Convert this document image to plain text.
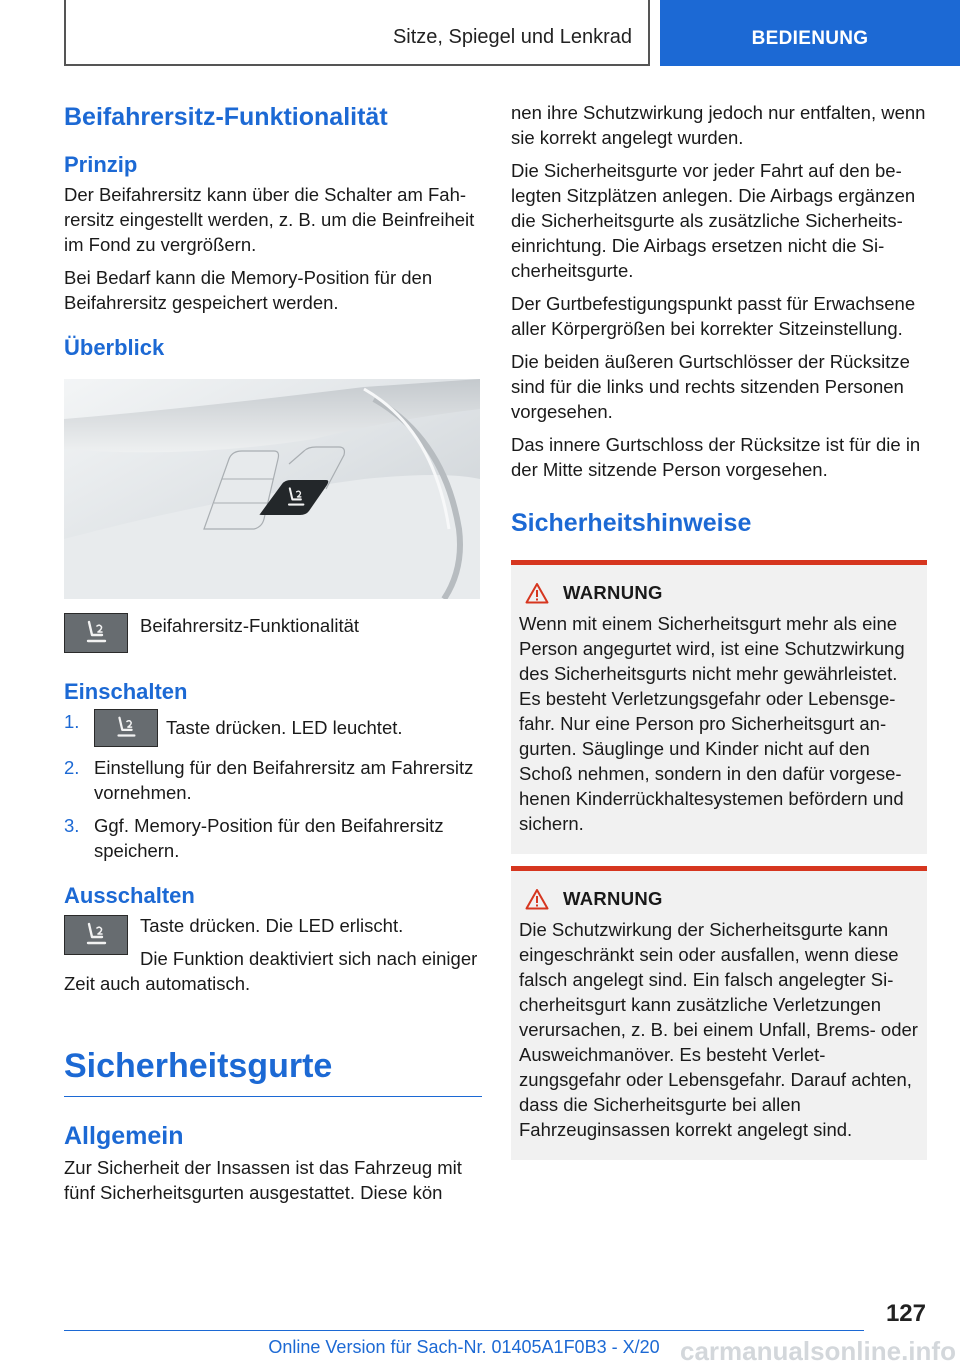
Sitze, Spiegel und Lenkrad	BEDIENUNG
Beifahrersitz-Funktionalität
Prinzip

Der Beifahrersitz kann über die Schalter am Fahrersitz eingestellt werden, z. B. um die Beinfreiheit im Fond zu vergrößern.

Bei Bedarf kann die Memory-Position für den Beifahrersitz gespeichert werden.

Überblick
Beifahrersitz-Funktionalität
Einschalten
1.	Taste drücken. LED leuchtet.
2. Einstellung für den Beifahrersitz am Fahrersitz vornehmen.
3. Ggf. Memory-Position für den Beifahrersitz speichern.
Ausschalten

Taste drücken. Die LED erlischt.

Die Funktion deaktiviert sich nach einiger Zeit auch automatisch.

Sicherheitsgurte
Allgemein

Zur Sicherheit der Insassen ist das Fahrzeug mit fünf Sicherheitsgurten ausgestattet. Diese kön

nen ihre Schutzwirkung jedoch nur entfalten, wenn sie korrekt angelegt wurden.

Die Sicherheitsgurte vor jeder Fahrt auf den belegten Sitzplätzen anlegen. Die Airbags ergänzen die Sicherheitsgurte als zusätzliche Sicherheitseinrichtung. Die Airbags ersetzen nicht die Sicherheitsgurte.

Der Gurtbefestigungspunkt passt für Erwachsene aller Körpergrößen bei korrekter Sitzeinstellung.

Die beiden äußeren Gurtschlösser der Rücksitze sind für die links und rechts sitzenden Personen vorgesehen.

Das innere Gurtschloss der Rücksitze ist für die in der Mitte sitzende Person vorgesehen.

Sicherheitshinweise
WARNUNG

Wenn mit einem Sicherheitsgurt mehr als eine Person angegurtet wird, ist eine Schutzwirkung des Sicherheitsgurts nicht mehr gewährleistet. Es besteht Verletzungsgefahr oder Lebensgefahr. Nur eine Person pro Sicherheitsgurt angurten. Säuglinge und Kinder nicht auf den Schoß nehmen, sondern in den dafür vorgesehenen Kinderrückhaltesystemen befördern und sichern.

WARNUNG

Die Schutzwirkung der Sicherheitsgurte kann eingeschränkt sein oder ausfallen, wenn diese falsch angelegt sind. Ein falsch angelegter Sicherheitsgurt kann zusätzliche Verletzungen verursachen, z. B. bei einem Unfall, Brems- oder Ausweichmanöver. Es besteht Verletzungsgefahr oder Lebensgefahr. Darauf achten, dass die Sicherheitsgurte bei allen Fahrzeuginsassen korrekt angelegt sind.

127
Online Version für Sach-Nr. 01405A1F0B3 - X/20 carmanualsonline.info
